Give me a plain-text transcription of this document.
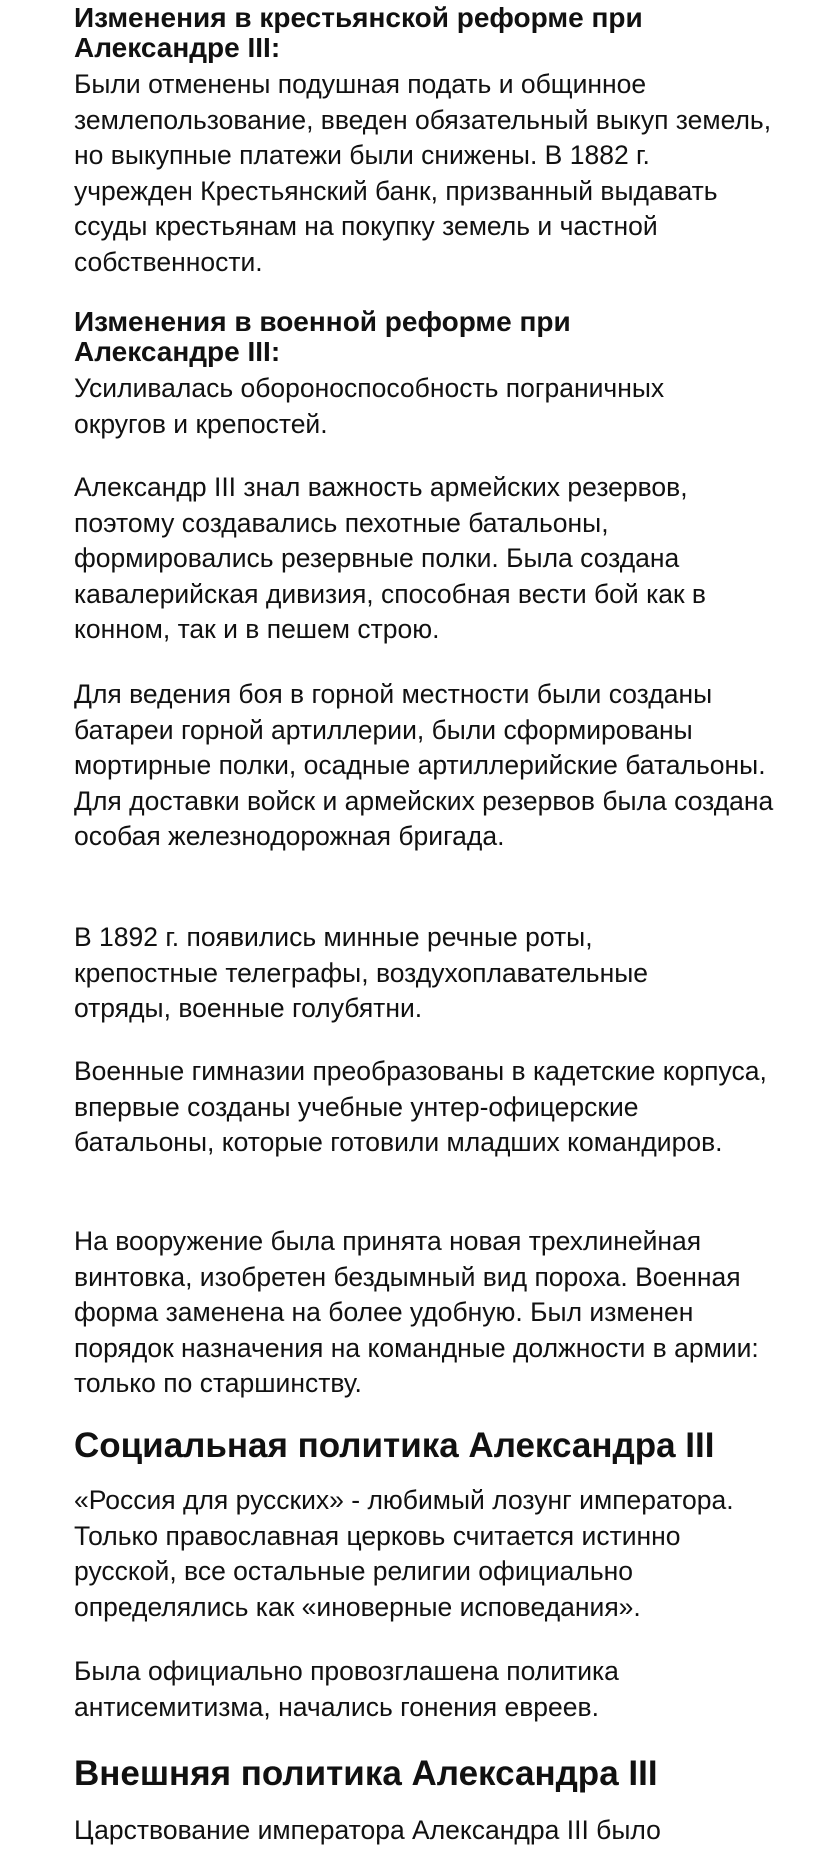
Изменения в крестьянской реформе при Александре III:
Были отменены подушная подать и общинное землепользование, введен обязательный выкуп земель, но выкупные платежи были снижены. В 1882 г. учрежден Крестьянский банк, призванный выдавать ссуды крестьянам на покупку земель и частной собственности.
Изменения в военной реформе при Александре III:
Усиливалась обороноспособность пограничных округов и крепостей.
Александр III знал важность армейских резервов, поэтому создавались пехотные батальоны, формировались резервные полки. Была создана кавалерийская дивизия, способная вести бой как в конном, так и в пешем строю.
Для ведения боя в горной местности были созданы батареи горной артиллерии, были сформированы мортирные полки, осадные артиллерийские батальоны. Для доставки войск и армейских резервов была создана особая железнодорожная бригада.
В 1892 г. появились минные речные роты, крепостные телеграфы, воздухоплавательные отряды, военные голубятни.
Военные гимназии преобразованы в кадетские корпуса, впервые созданы учебные унтер-офицерские батальоны, которые готовили младших командиров.
На вооружение была принята новая трехлинейная винтовка, изобретен бездымный вид пороха. Военная форма заменена на более удобную. Был изменен порядок назначения на командные должности в армии: только по старшинству.
Социальная политика Александра III
«Россия для русских» - любимый лозунг императора. Только православная церковь считается истинно русской, все остальные религии официально определялись как «иноверные исповедания».
Была официально провозглашена политика антисемитизма, начались гонения евреев.
Внешняя политика Александра III
Царствование императора Александра III было
